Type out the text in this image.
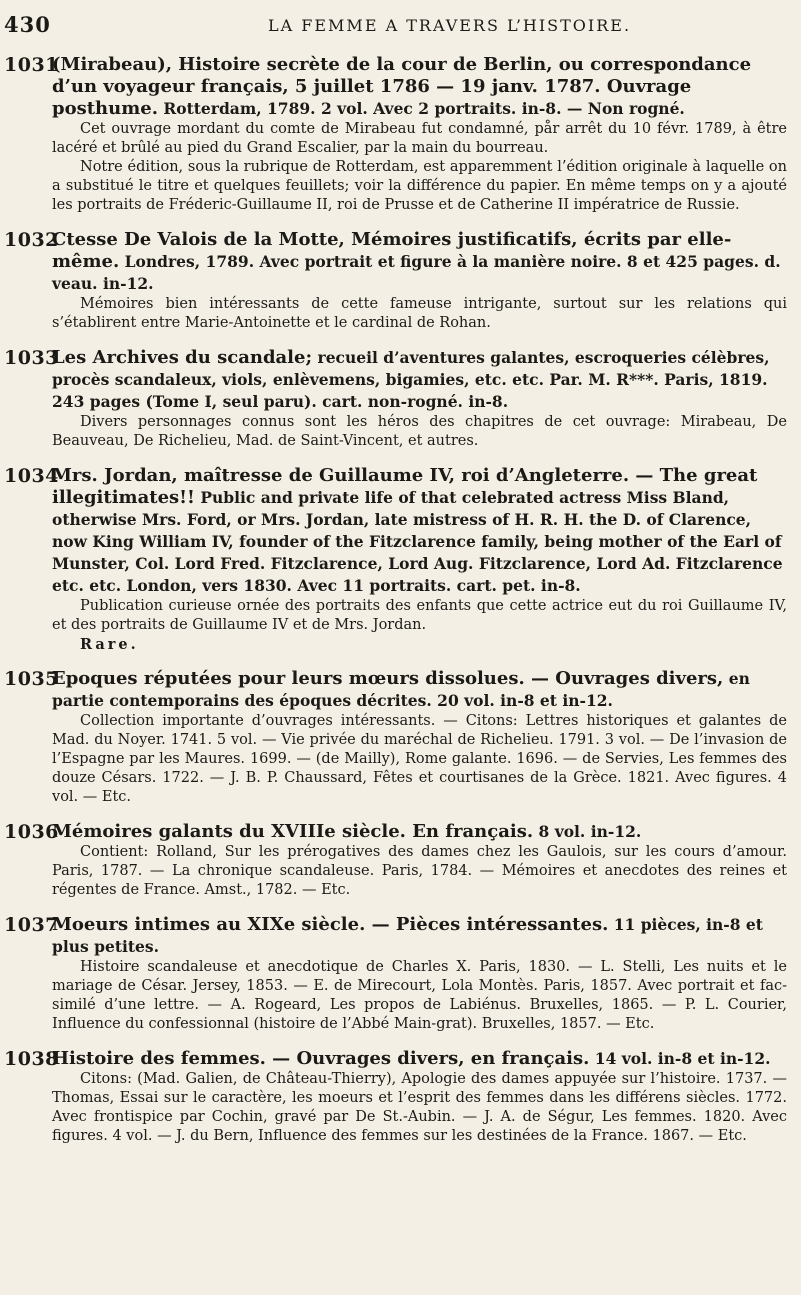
430	LA FEMME A TRAVERS L’HISTOIRE.
1031

(Mirabeau), Histoire secrète de la cour de Berlin, ou correspondance d’un voyageur français, 5 juillet 1786 — 19 janv. 1787. Ouvrage posthume. Rotterdam, 1789. 2 vol. Avec 2 portraits. in-8. — Non rogné.

Cet ouvrage mordant du comte de Mirabeau fut condamné, pår arrêt du 10 févr. 1789, à être lacéré et brûlé au pied du Grand Escalier, par la main du bourreau.

Notre édition, sous la rubrique de Rotterdam, est apparemment l’édition originale à laquelle on a substitué le titre et quelques feuillets; voir la différence du papier. En même temps on y a ajouté les portraits de Fréderic-Guillaume II, roi de Prusse et de Catherine II impératrice de Russie.

1032

Ctesse De Valois de la Motte, Mémoires justificatifs, écrits par elle-même. Londres, 1789. Avec portrait et figure à la manière noire. 8 et 425 pages. d. veau. in-12.

Mémoires bien intéressants de cette fameuse intrigante, surtout sur les relations qui s’établirent entre Marie-Antoinette et le cardinal de Rohan.

1033

Les Archives du scandale; recueil d’aventures galantes, escroqueries célèbres, procès scandaleux, viols, enlèvemens, bigamies, etc. etc. Par. M. R***. Paris, 1819. 243 pages (Tome I, seul paru). cart. non-rogné. in-8.

Divers personnages connus sont les héros des chapitres de cet ouvrage: Mirabeau, De Beauveau, De Richelieu, Mad. de Saint-Vincent, et autres.

1034

Mrs. Jordan, maîtresse de Guillaume IV, roi d’Angleterre. — The great illegitimates!! Public and private life of that celebrated actress Miss Bland, otherwise Mrs. Ford, or Mrs. Jordan, late mistress of H. R. H. the D. of Clarence, now King William IV, founder of the Fitzclarence family, being mother of the Earl of Munster, Col. Lord Fred. Fitzclarence, Lord Aug. Fitzclarence, Lord Ad. Fitzclarence etc. etc. London, vers 1830. Avec 11 portraits. cart. pet. in-8.

Publication curieuse ornée des portraits des enfants que cette actrice eut du roi Guillaume IV, et des portraits de Guillaume IV et de Mrs. Jordan.

Rare.

1035

Epoques réputées pour leurs mœurs dissolues. — Ouvrages divers, en partie contemporains des époques décrites. 20 vol. in-8 et in-12.

Collection importante d’ouvrages intéressants. — Citons: Lettres historiques et galantes de Mad. du Noyer. 1741. 5 vol. — Vie privée du maréchal de Richelieu. 1791. 3 vol. — De l’invasion de l’Espagne par les Maures. 1699. — (de Mailly), Rome galante. 1696. — de Servies, Les femmes des douze Césars. 1722. — J. B. P. Chaussard, Fêtes et courtisanes de la Grèce. 1821. Avec figures. 4 vol. — Etc.

1036

Mémoires galants du XVIIIe siècle. En français. 8 vol. in-12.

Contient: Rolland, Sur les prérogatives des dames chez les Gaulois, sur les cours d’amour. Paris, 1787. — La chronique scandaleuse. Paris, 1784. — Mémoires et anecdotes des reines et régentes de France. Amst., 1782. — Etc.

1037

Moeurs intimes au XIXe siècle. — Pièces intéressantes. 11 pièces, in-8 et plus petites.

Histoire scandaleuse et anecdotique de Charles X. Paris, 1830. — L. Stelli, Les nuits et le mariage de César. Jersey, 1853. — E. de Mirecourt, Lola Montès. Paris, 1857. Avec portrait et fac-similé d’une lettre. — A. Rogeard, Les propos de Labiénus. Bruxelles, 1865. — P. L. Courier, Influence du confessionnal (histoire de l’Abbé Main-grat). Bruxelles, 1857. — Etc.

1038

Histoire des femmes. — Ouvrages divers, en français. 14 vol. in-8 et in-12.

Citons: (Mad. Galien, de Château-Thierry), Apologie des dames appuyée sur l’histoire. 1737. — Thomas, Essai sur le caractère, les moeurs et l’esprit des femmes dans les différens siècles. 1772. Avec frontispice par Cochin, gravé par De St.-Aubin. — J. A. de Ségur, Les femmes. 1820. Avec figures. 4 vol. — J. du Bern, Influence des femmes sur les destinées de la France. 1867. — Etc.
